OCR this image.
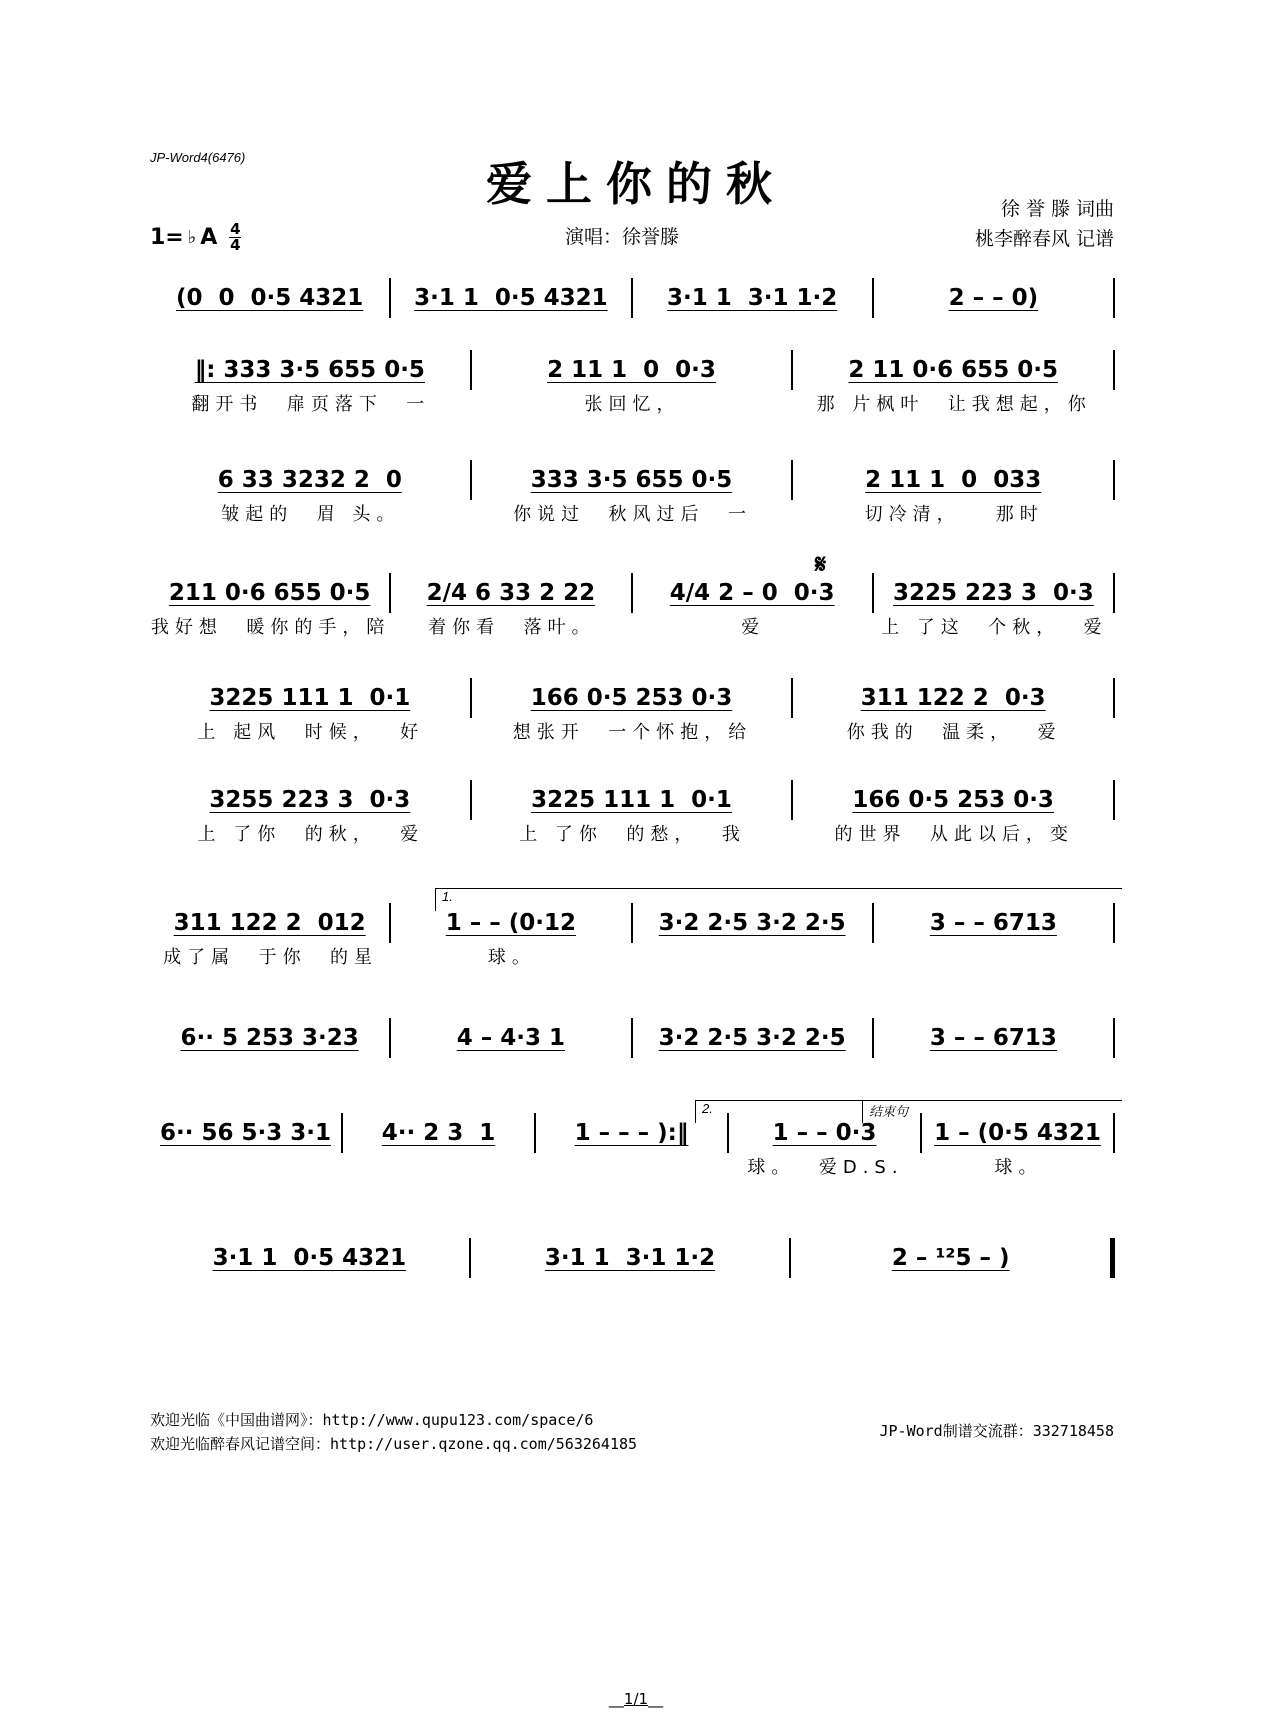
JP-Word4(6476)	爱上你的秋
1= ♭ A 4
4	演唱：徐誉滕
徐 誉 滕 词曲
桃李醉春风 记谱
(0  0  0·5 4321	3·1 1  0·5 4321	3·1 1  3·1 1·2	2 – – 0)
‖: 333 3·5 655 0·5	2 11 1  0  0·3	2 11 0·6 655 0·5
翻开书  扉页落下  一	张回忆，	那 片枫叶  让我想起，你
6 33 3232 2  0	333 3·5 655 0·5	2 11 1  0  033
皱起的  眉 头。	你说过  秋风过后  一	切冷清，   那时
211 0·6 655 0·5	2/4 6 33 2 22	4/4 2 – 0  0·3	3225 223 3  0·3
我好想  暖你的手，陪	着你看  落叶。	爱	上 了这  个秋，  爱
3225 111 1  0·1	166 0·5 253 0·3	311 122 2  0·3
上 起风  时候，  好	想张开  一个怀抱，给	你我的  温柔，  爱
3255 223 3  0·3	3225 111 1  0·1	166 0·5 253 0·3
上 了你  的秋，  爱	上 了你  的愁，  我	的世界  从此以后，变
311 122 2  012	1 – – (0·12	3·2 2·5 3·2 2·5	3 – – 6713
成了属  于你  的星	球。
6·· 5 253 3·23	4 – 4·3 1	3·2 2·5 3·2 2·5	3 – – 6713
6·· 56 5·3 3·1	4·· 2 3  1	1 – – – ):‖	1 – – 0·3	1 – (0·5 4321
球。  爱D.S.	球。
3·1 1  0·5 4321	3·1 1  3·1 1·2	2 – ¹²5 – )
𝄋
1.
2.	结束句
欢迎光临《中国曲谱网》：http://www.qupu123.com/space/6
欢迎光临醉春风记谱空间：http://user.qzone.qq.com/563264185
JP-Word制谱交流群：332718458
__1/1__
